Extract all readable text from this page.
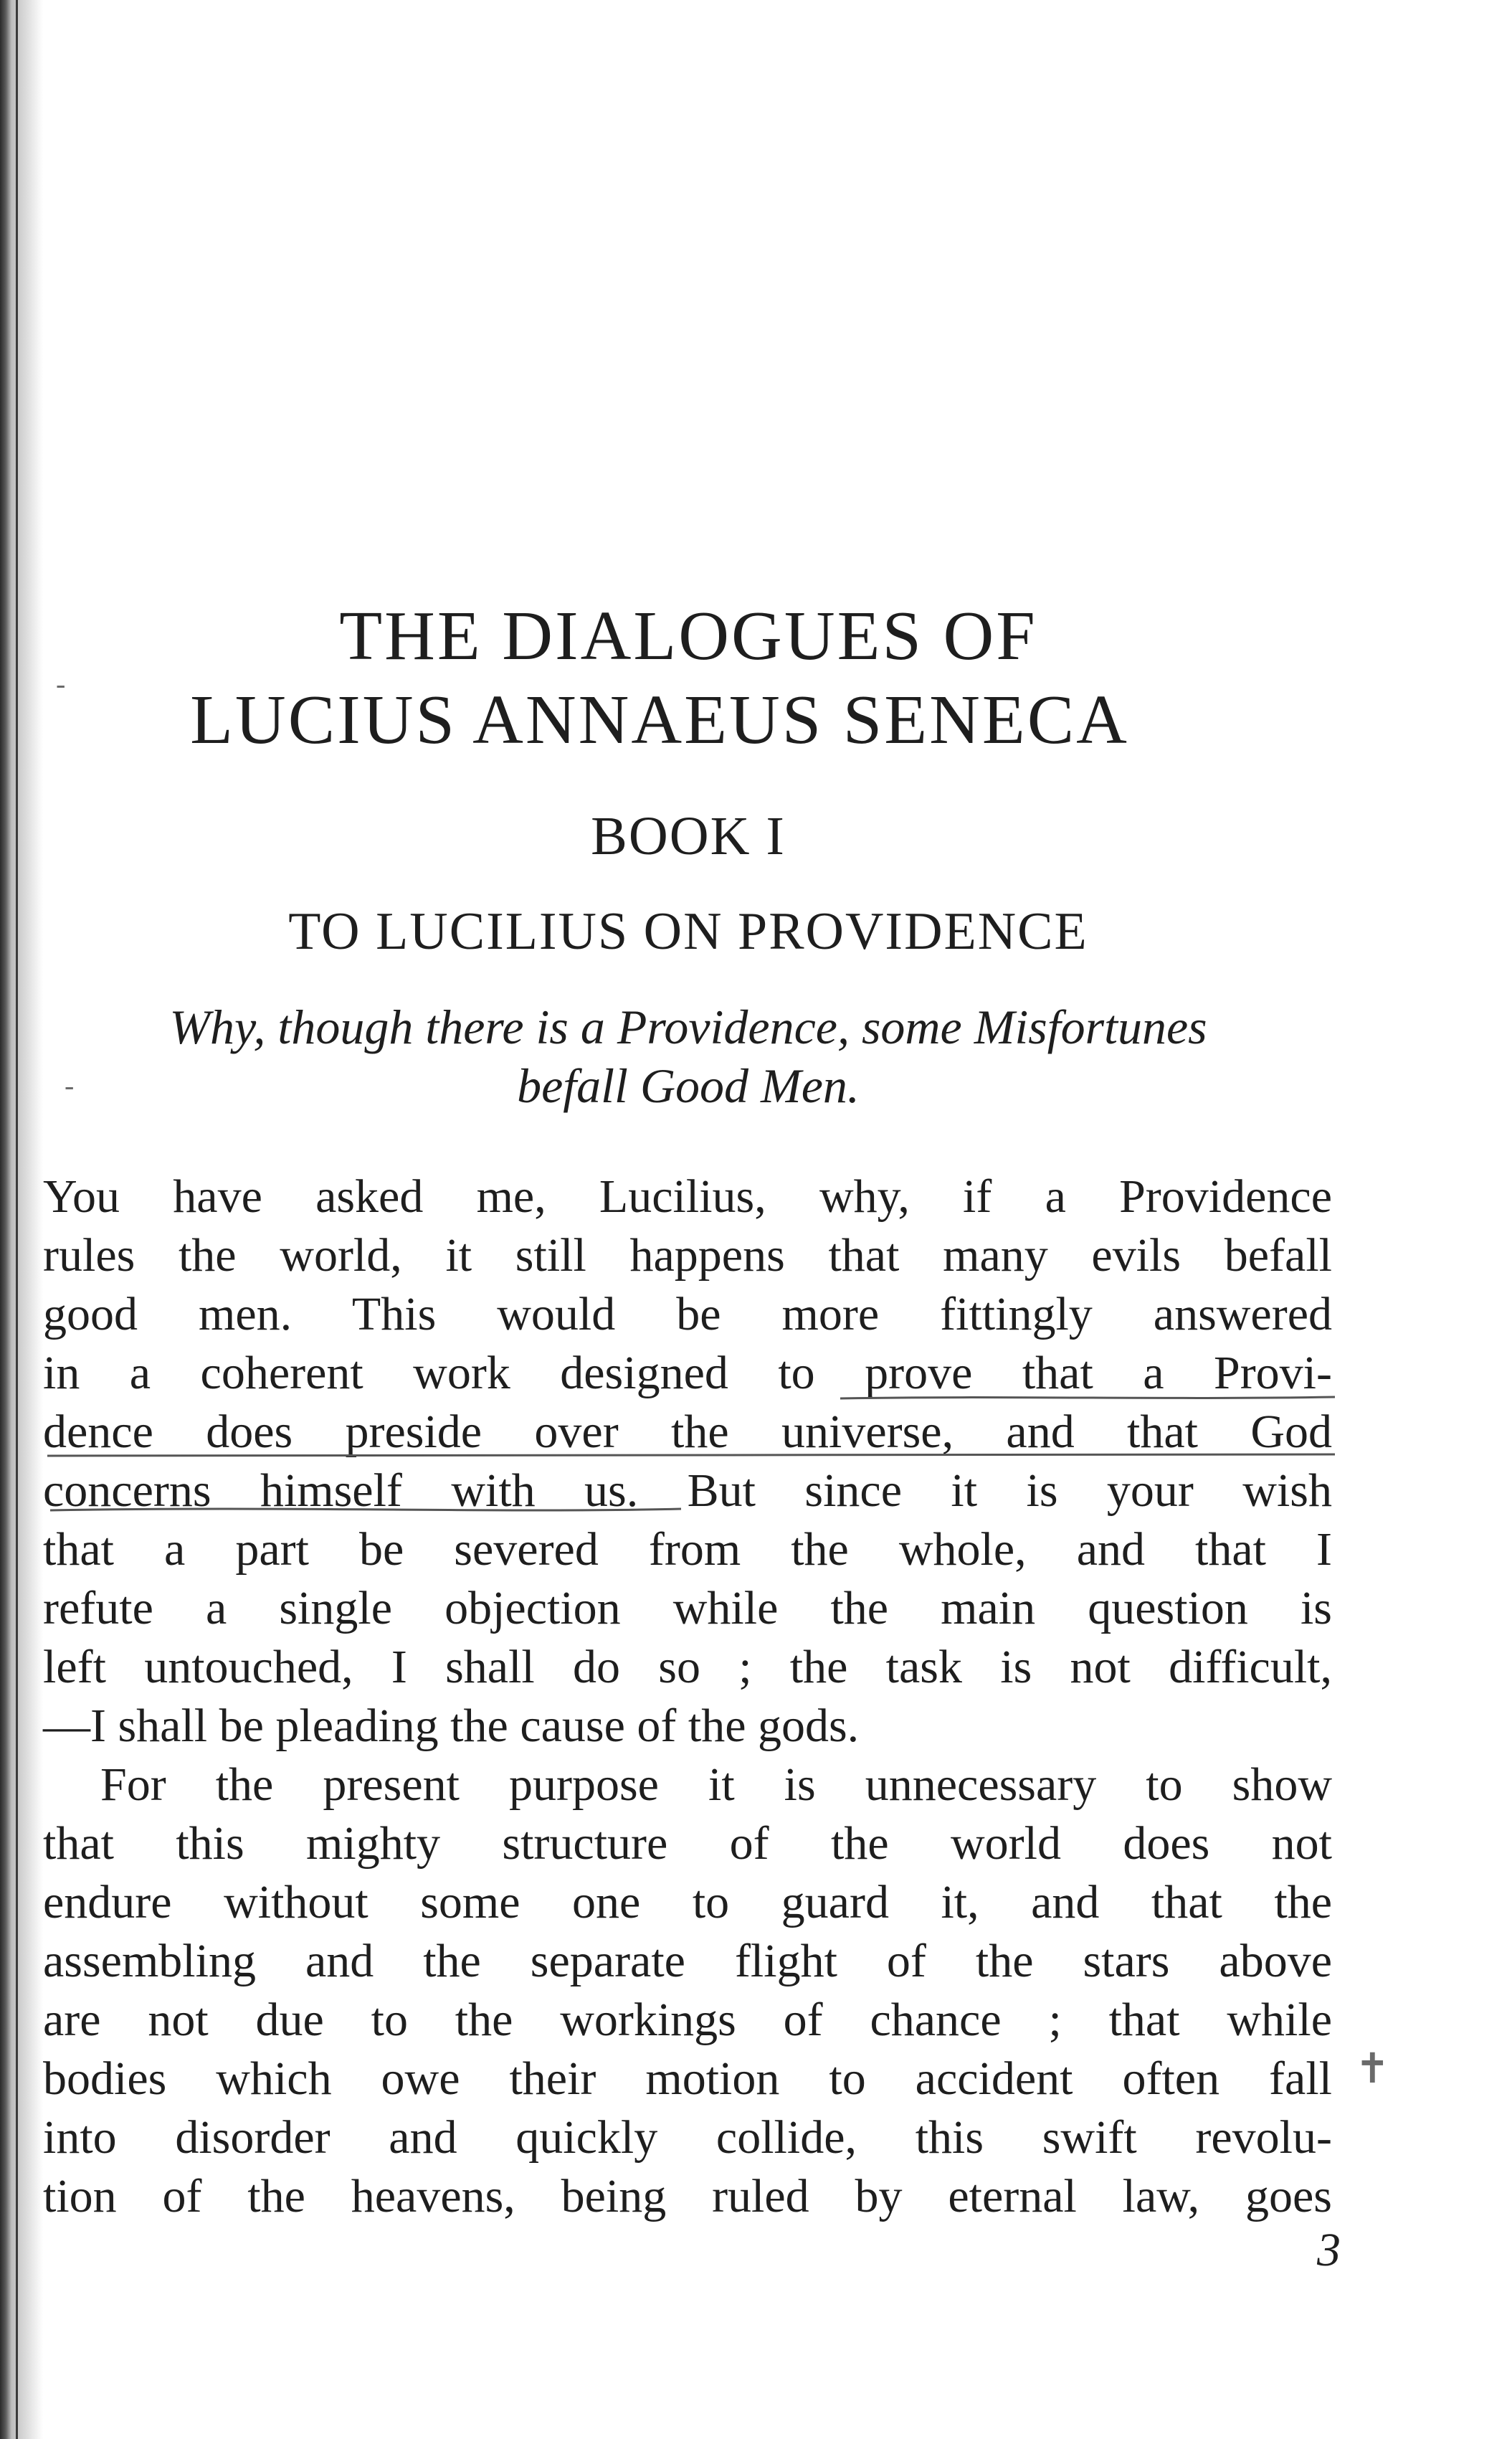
-
-
✝
THE DIALOGUES OF
LUCIUS ANNAEUS SENECA
BOOK I
TO LUCILIUS ON PROVIDENCE
Why, though there is a Providence, some Misfortunes
befall Good Men.
You have asked me, Lucilius, why, if a Providence
rules the world, it still happens that many evils befall
good men. This would be more fittingly answered
in a coherent work designed to prove that a Provi-
dence does preside over the universe, and that God
concerns himself with us. But since it is your wish
that a part be severed from the whole, and that I
refute a single objection while the main question is
left untouched, I shall do so ; the task is not difficult,
—I shall be pleading the cause of the gods.
For the present purpose it is unnecessary to show
that this mighty structure of the world does not
endure without some one to guard it, and that the
assembling and the separate flight of the stars above
are not due to the workings of chance ; that while
bodies which owe their motion to accident often fall
into disorder and quickly collide, this swift revolu-
tion of the heavens, being ruled by eternal law, goes
3
